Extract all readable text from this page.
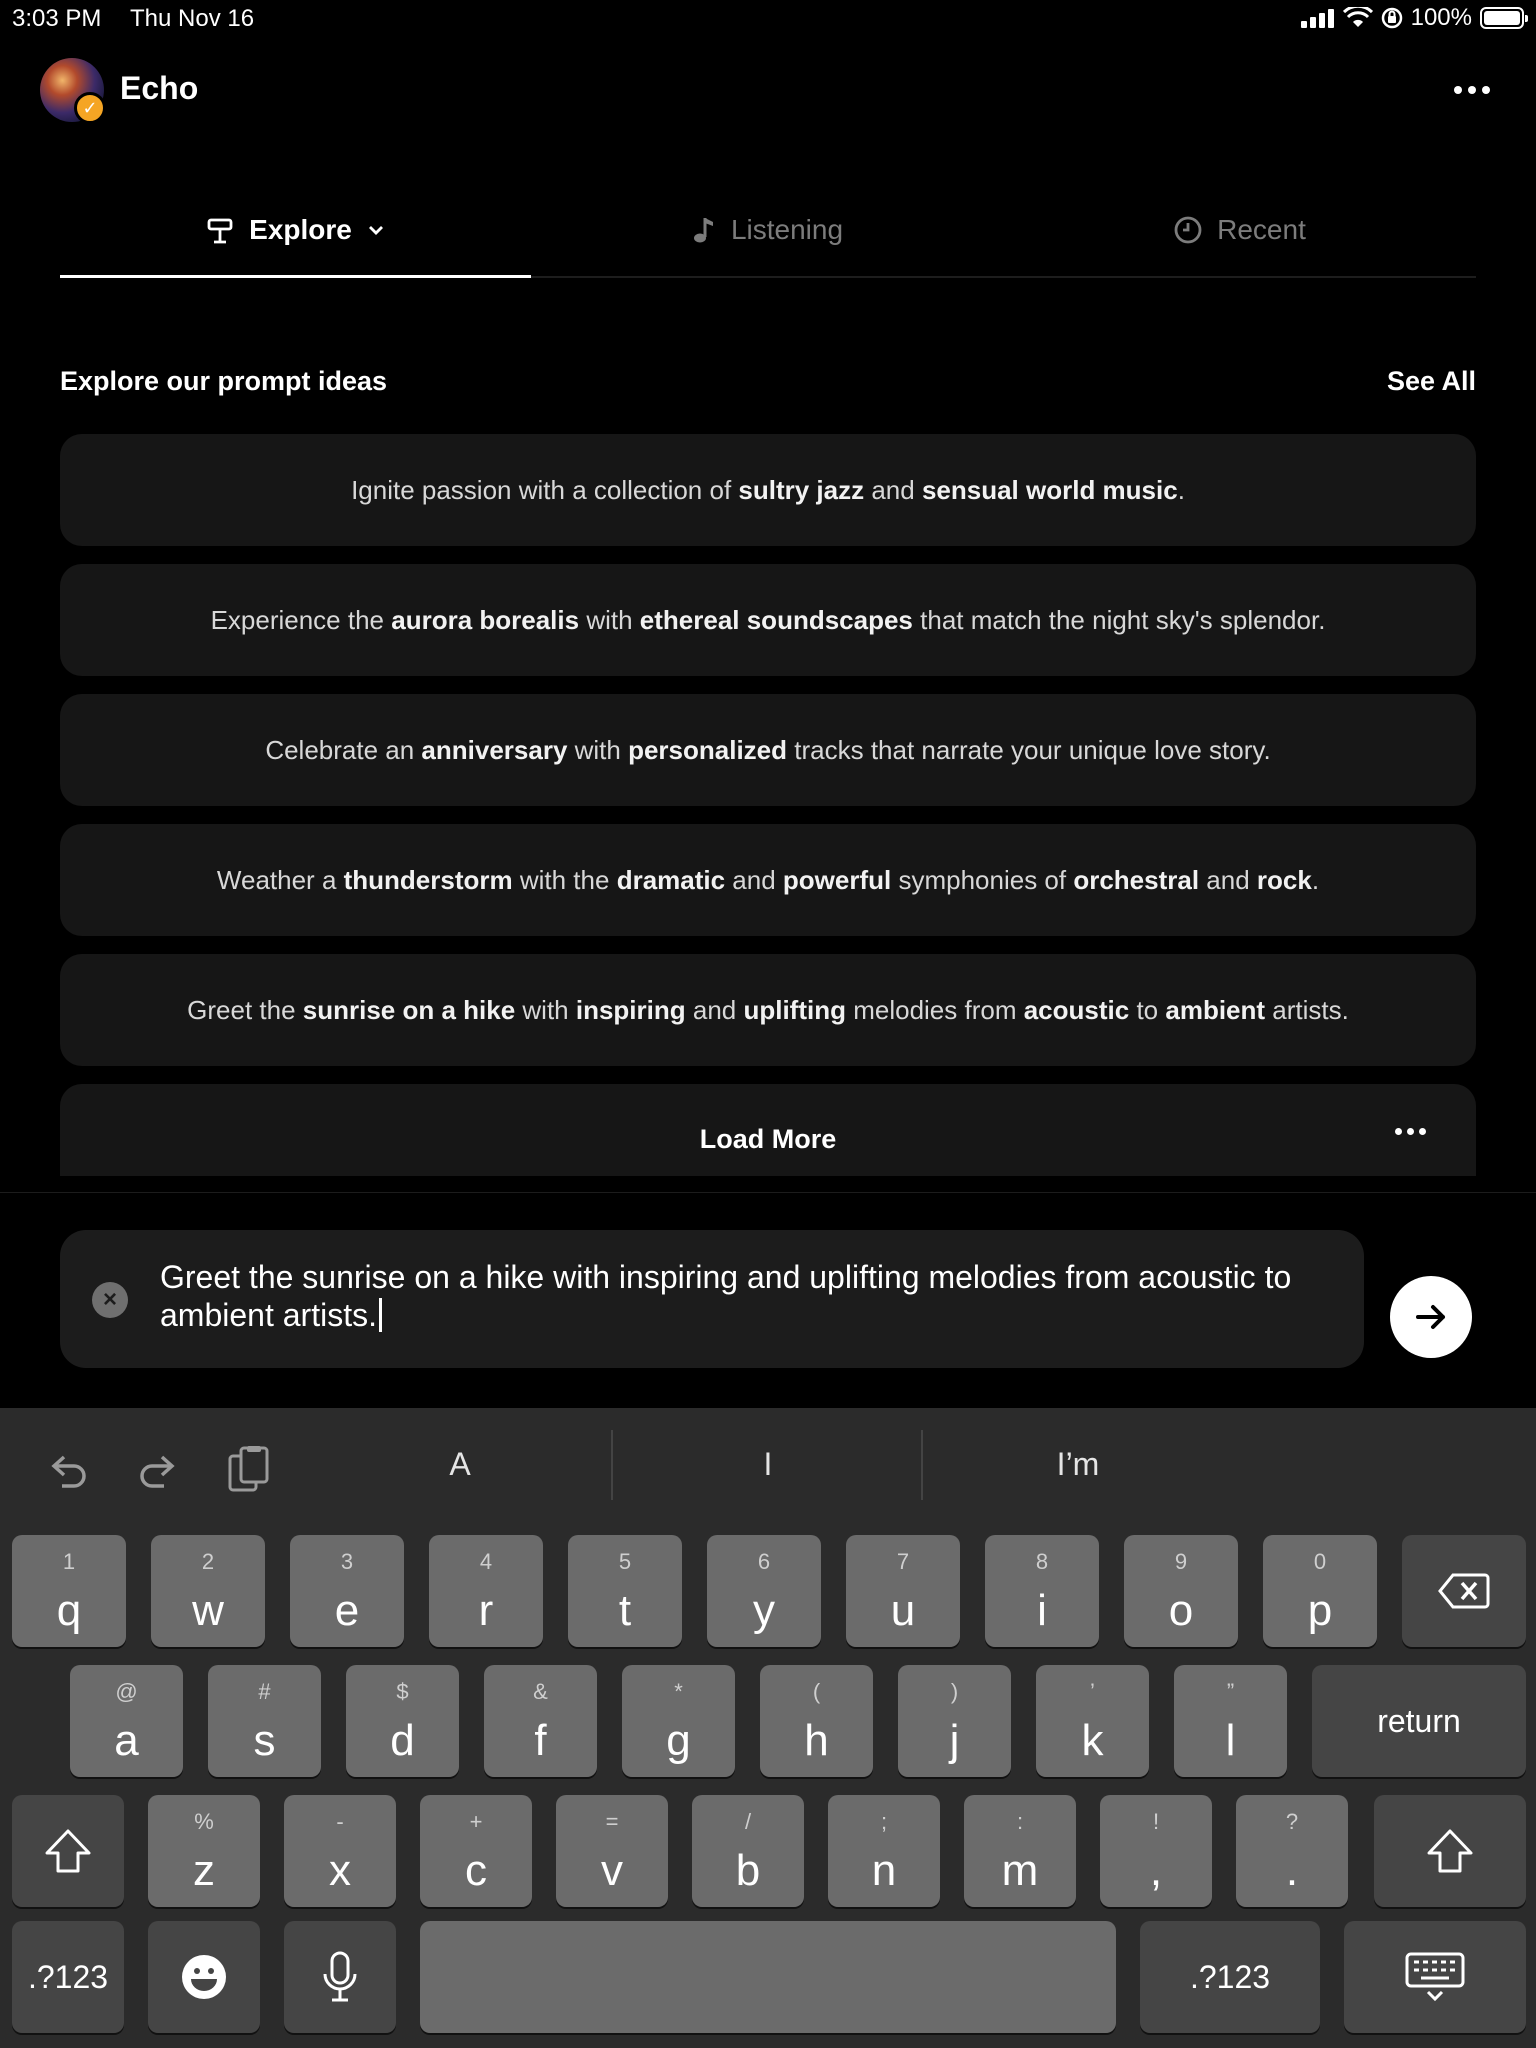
3:03 PM Thu Nov 16	100%
✓
Echo
Explore	Listening	Recent
Explore our prompt ideas	See All
Ignite passion with a collection of sultry jazz and sensual world music.
Experience the aurora borealis with ethereal soundscapes that match the night sky's splendor.
Celebrate an anniversary with personalized tracks that narrate your unique love story.
Weather a thunderstorm with the dramatic and powerful symphonies of orchestral and rock.
Greet the sunrise on a hike with inspiring and uplifting melodies from acoustic to ambient artists.
Load More
×
Greet the sunrise on a hike with inspiring and uplifting melodies from acoustic to ambient artists.
A	I	I’m
1
q
2
w
3
e
4
r
5
t
6
y
7
u
8
i
9
o
0
p
@
a
#
s
$
d
&
f
*
g
(
h
)
j
’
k
”
l
%
z
-
x
+
c
=
v
/
b
;
n
:
m
!
,
?
.
return
.?123	.?123
